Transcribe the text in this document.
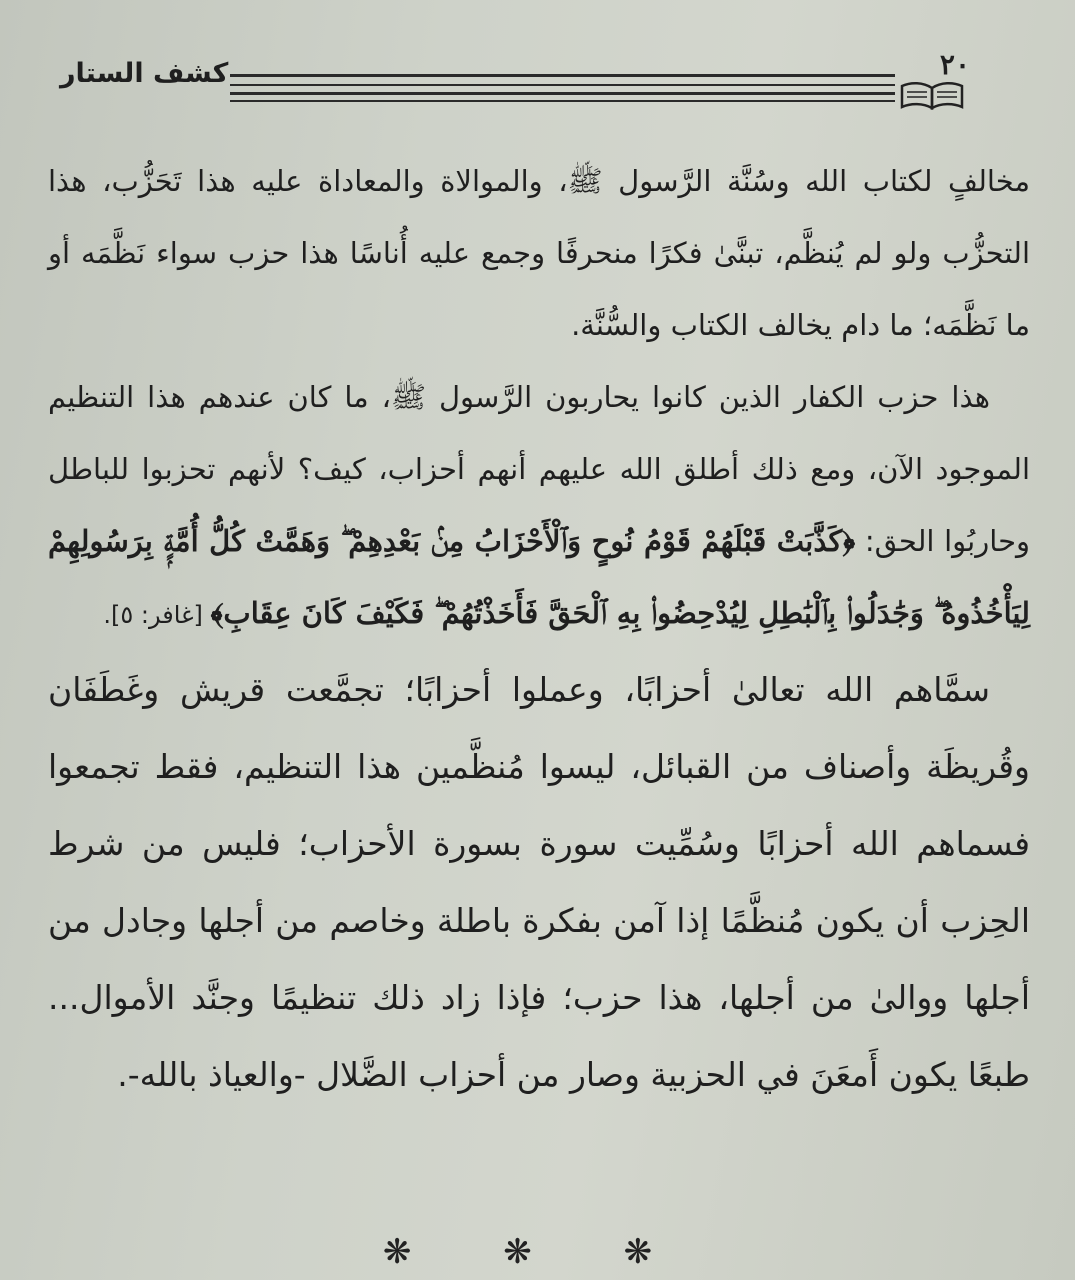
٢٠
كشف الستار

مخالفٍ لكتاب الله وسُنَّة الرَّسول ﷺ، والموالاة والمعاداة عليه هذا تَحَزُّب، هذا التحزُّب ولو لم يُنظَّم، تبنَّىٰ فكرًا منحرفًا وجمع عليه أُناسًا هذا حزب سواء نَظَّمَه أو ما نَظَّمَه؛ ما دام يخالف الكتاب والسُّنَّة.

هذا حزب الكفار الذين كانوا يحاربون الرَّسول ﷺ، ما كان عندهم هذا التنظيم الموجود الآن، ومع ذلك أطلق الله عليهم أنهم أحزاب، كيف؟ لأنهم تحزبوا للباطل وحاربُوا الحق: ﴿كَذَّبَتْ قَبْلَهُمْ قَوْمُ نُوحٍ وَٱلْأَحْزَابُ مِنۢ بَعْدِهِمْ ۖ وَهَمَّتْ كُلُّ أُمَّةٍۭ بِرَسُولِهِمْ لِيَأْخُذُوهُ ۖ وَجَٰدَلُوا۟ بِٱلْبَٰطِلِ لِيُدْحِضُوا۟ بِهِ ٱلْحَقَّ فَأَخَذْتُهُمْ ۖ فَكَيْفَ كَانَ عِقَابِ﴾ [غافر: ٥].

سمَّاهم الله تعالىٰ أحزابًا، وعملوا أحزابًا؛ تجمَّعت قريش وغَطَفَان وقُريظَة وأصناف من القبائل، ليسوا مُنظَّمين هذا التنظيم، فقط تجمعوا فسماهم الله أحزابًا وسُمِّيت سورة بسورة الأحزاب؛ فليس من شرط الحِزب أن يكون مُنظَّمًا إذا آمن بفكرة باطلة وخاصم من أجلها وجادل من أجلها ووالىٰ من أجلها، هذا حزب؛ فإذا زاد ذلك تنظيمًا وجنَّد الأموال... طبعًا يكون أَمعَنَ في الحزبية وصار من أحزاب الضَّلال -والعياذ بالله-.

❋ ❋ ❋
